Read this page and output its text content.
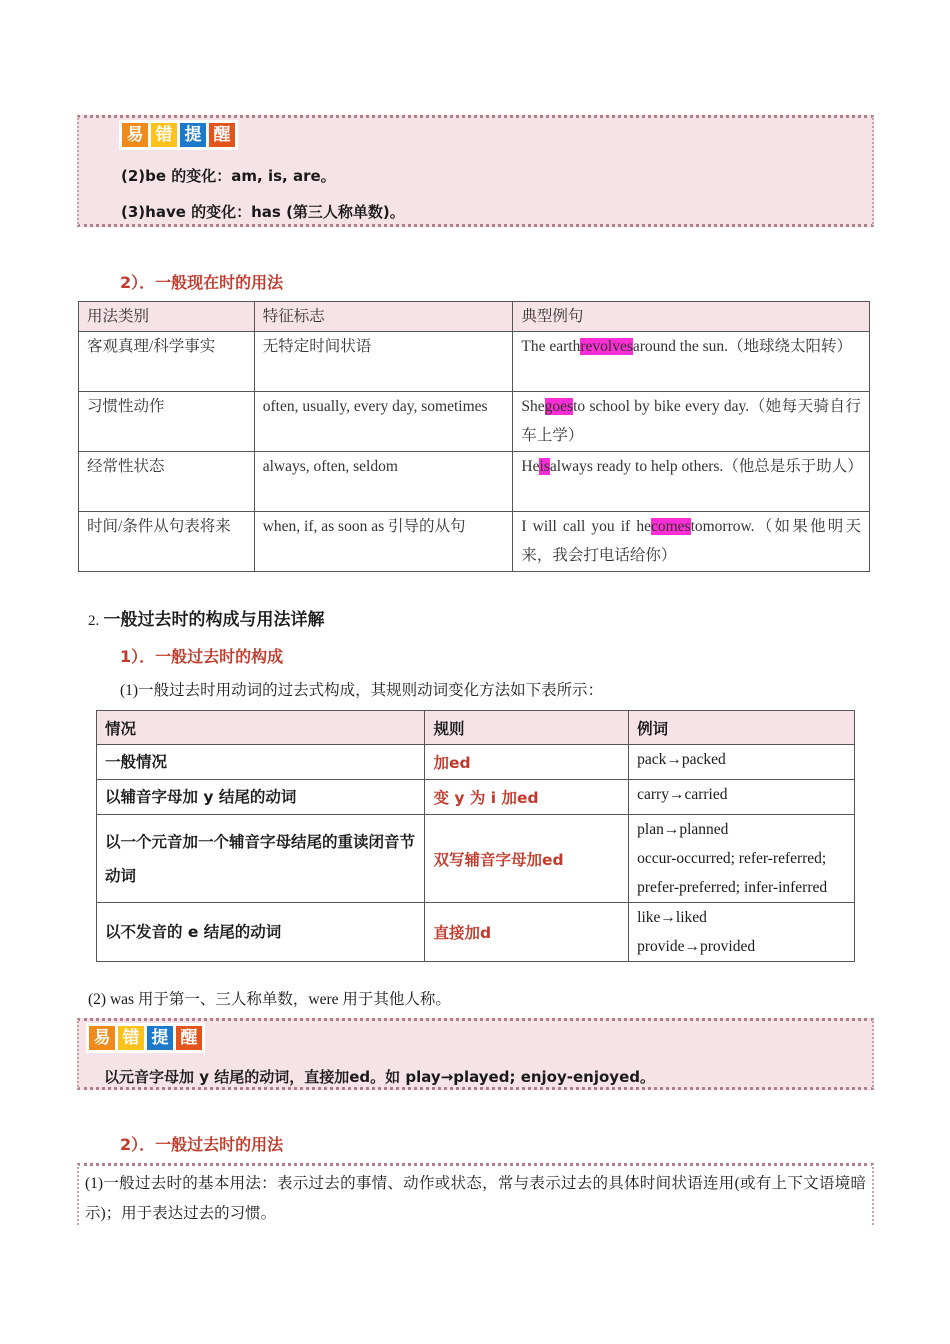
易 错 提 醒
(2)be 的变化：am, is, are。
(3)have 的变化：has (第三人称单数)。
2）．一般现在时的用法
用法类别	特征标志	典型例句
客观真理/科学事实	无特定时间状语	The earthrevolvesaround the sun.（地球绕太阳转）
习惯性动作	often, usually, every day, sometimes	Shegoesto school by bike every day.（她每天骑自行车上学）
经常性状态	always, often, seldom	Heisalways ready to help others.（他总是乐于助人）
时间/条件从句表将来	when, if, as soon as 引导的从句	I will call you if hecomestomorrow.（如果他明天来，我会打电话给你）
2. 一般过去时的构成与用法详解
1）．一般过去时的构成
(1)一般过去时用动词的过去式构成，其规则动词变化方法如下表所示：
情况	规则	例词
一般情况	加ed	pack→packed

以辅音字母加 y 结尾的动词	变 y 为 i 加ed	carry→carried

以一个元音加一个辅音字母结尾的重读闭音节动词	双写辅音字母加ed	plan→planned
occur-occurred; refer-referred;
prefer-preferred; infer-inferred

以不发音的 e 结尾的动词	直接加d	like→liked
provide→provided
(2) was 用于第一、三人称单数，were 用于其他人称。
易 错 提 醒
以元音字母加 y 结尾的动词，直接加ed。如 play→played; enjoy-enjoyed。
2）．一般过去时的用法
(1)一般过去时的基本用法：表示过去的事情、动作或状态，常与表示过去的具体时间状语连用(或有上下文语境暗示)；用于表达过去的习惯。
